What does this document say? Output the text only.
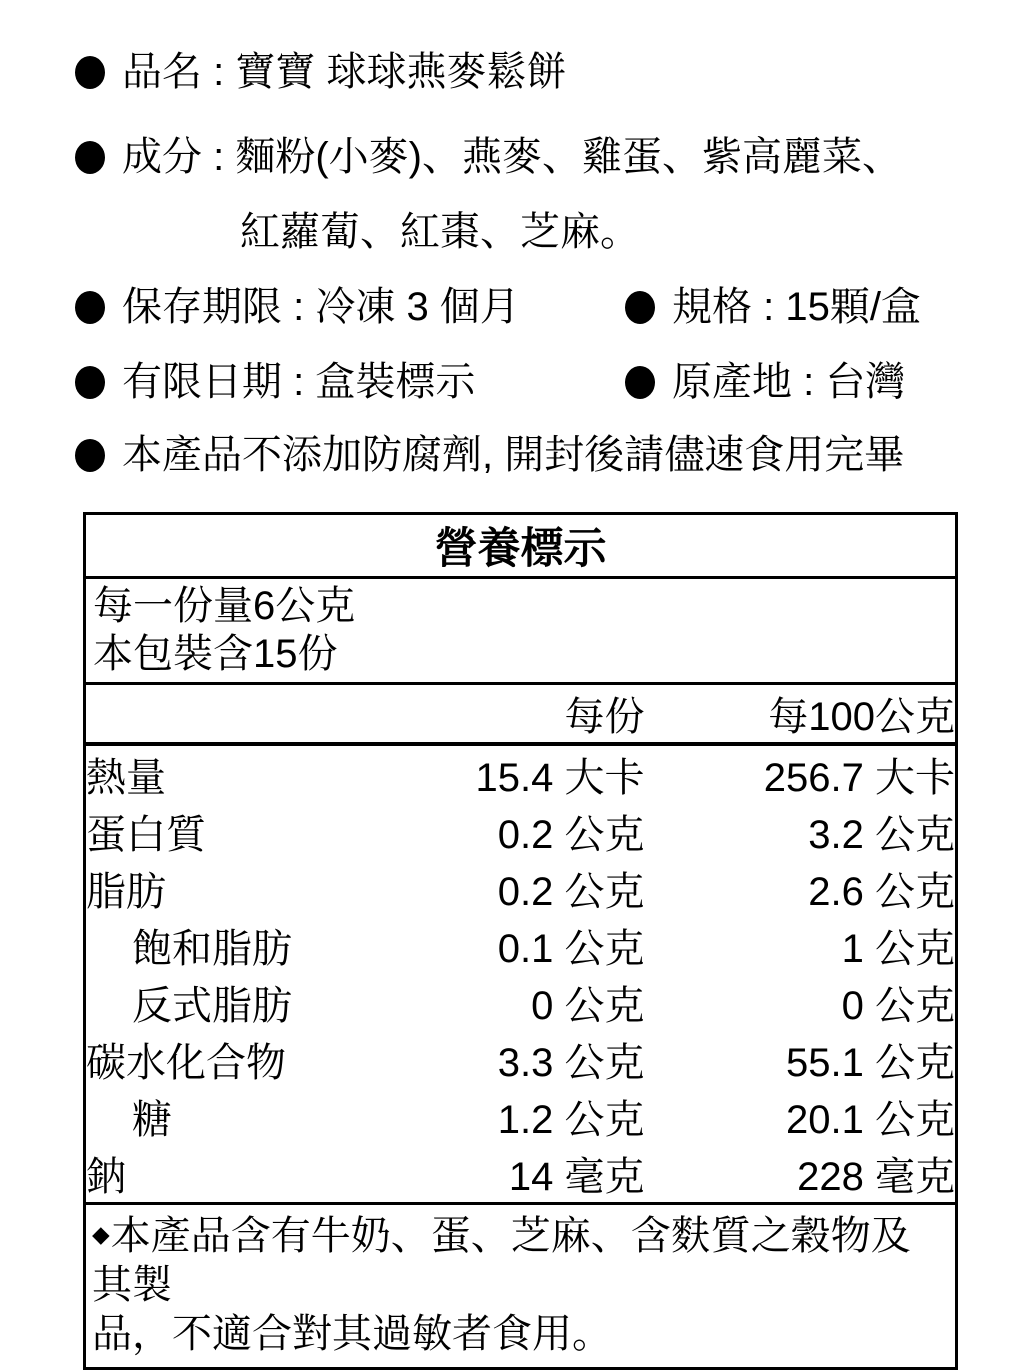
品名 : 寶寶 球球燕麥鬆餅
成分 : 麵粉(小麥)、燕麥、雞蛋、紫高麗菜、
紅蘿蔔、紅棗、芝麻。
保存期限 : 冷凍 3 個月	規格 : 15顆/盒
有限日期 : 盒裝標示	原產地 : 台灣
本產品不添加防腐劑, 開封後請儘速食用完畢
營養標示		

每一份量6公克
本包裝含15份		

	每份	每100公克
熱量	15.4 大卡	256.7 大卡
蛋白質	0.2 公克	3.2 公克
脂肪	0.2 公克	2.6 公克
飽和脂肪	0.1 公克	1 公克
反式脂肪	0 公克	0 公克
碳水化合物	3.3 公克	55.1 公克
糖	1.2 公克	20.1 公克
鈉	14 毫克	228 毫克

◆本產品含有牛奶、蛋、芝麻、含麩質之穀物及其製
品，不適合對其過敏者食用。		
